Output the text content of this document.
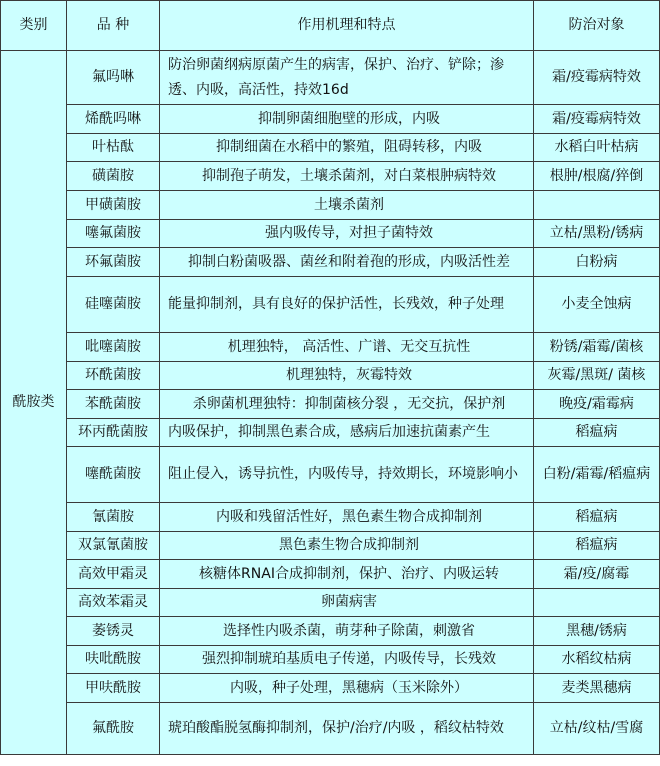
类别	品 种	作用机理和特点	防治对象
酰胺类	氟吗啉	防治卵菌纲病原菌产生的病害，保护、治疗、铲除；渗透、内吸，高活性，持效16d	霜/疫霉病特效
	烯酰吗啉	抑制卵菌细胞壁的形成，内吸	霜/疫霉病特效
	叶枯酞	抑制细菌在水稻中的繁殖，阻碍转移，内吸	水稻白叶枯病
	磺菌胺	抑制孢子萌发，土壤杀菌剂，对白菜根肿病特效	根肿/根腐/猝倒
	甲磺菌胺	土壤杀菌剂	
	噻氟菌胺	强内吸传导，对担子菌特效	立枯/黑粉/锈病
	环氟菌胺	抑制白粉菌吸器、菌丝和附着孢的形成，内吸活性差	白粉病
	硅噻菌胺	能量抑制剂，具有良好的保护活性，长残效，种子处理	小麦全蚀病
	吡噻菌胺	机理独特， 高活性、广谱、无交互抗性	粉锈/霜霉/菌核
	环酰菌胺	机理独特，灰霉特效	灰霉/黑斑/ 菌核
	苯酰菌胺	杀卵菌机理独特：抑制菌核分裂 ，无交抗，保护剂	晚疫/霜霉病
	环丙酰菌胺	内吸保护，抑制黑色素合成，感病后加速抗菌素产生	稻瘟病
	噻酰菌胺	阻止侵入，诱导抗性，内吸传导，持效期长，环境影响小	白粉/霜霉/稻瘟病
	氰菌胺	内吸和残留活性好，黑色素生物合成抑制剂	稻瘟病
	双氯氰菌胺	黑色素生物合成抑制剂	稻瘟病
	高效甲霜灵	核糖体RNAⅠ合成抑制剂，保护、治疗、内吸运转	霜/疫/腐霉
	高效苯霜灵	卵菌病害	
	萎锈灵	选择性内吸杀菌，萌芽种子除菌，刺激省	黑穗/锈病
	呋吡酰胺	强烈抑制琥珀基质电子传递，内吸传导，长残效	水稻纹枯病
	甲呋酰胺	内吸，种子处理，黑穗病（玉米除外）	麦类黑穗病
	氟酰胺	琥珀酸酯脱氢酶抑制剂，保护/治疗/内吸 ，稻纹枯特效	立枯/纹枯/雪腐
